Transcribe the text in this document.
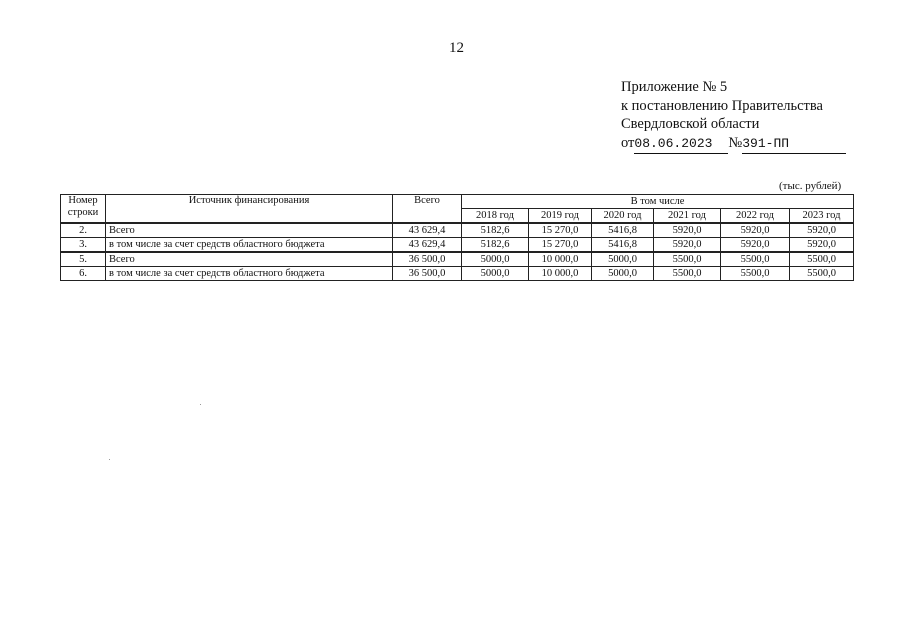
12
Приложение № 5
к постановлению Правительства
Свердловской области
от08.06.2023 №391-ПП
(тыс. рублей)
Номер
строки	Источник финансирования	Всего	В том числе					
			2018 год	2019 год	2020 год	2021 год	2022 год	2023 год
2.	Всего	43 629,4	5182,6	15 270,0	5416,8	5920,0	5920,0	5920,0
3.	в том числе за счет средств областного бюджета	43 629,4	5182,6	15 270,0	5416,8	5920,0	5920,0	5920,0
5.	Всего	36 500,0	5000,0	10 000,0	5000,0	5500,0	5500,0	5500,0
6.	в том числе за счет средств областного бюджета	36 500,0	5000,0	10 000,0	5000,0	5500,0	5500,0	5500,0
